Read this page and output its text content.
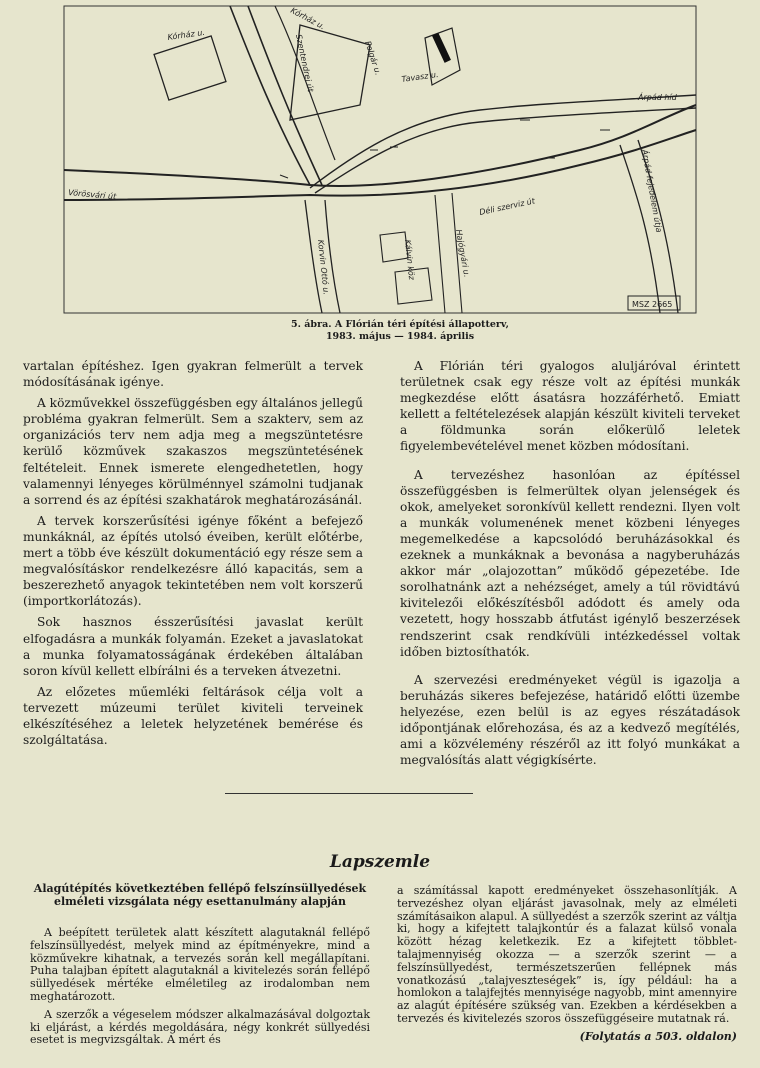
Kórház u.
Kórház u.
Szentendrei út	Polgár u.
Tavasz u.
Árpád híd
Vörösvári út
Déli szerviz út	Árpád fejedelem útja
Korvin Ottó u.	Kálvin köz	Hajógyári u.
MSZ 2665
5. ábra. A Flórián téri építési állapotterv,
1983. május — 1984. április

vartalan építéshez. Igen gyakran felmerült a tervek módosításának igénye.

A közművekkel összefüggésben egy általános jellegű probléma gyakran felmerült. Sem a szakterv, sem az organizációs terv nem adja meg a megszüntetésre kerülő közművek szakaszos megszüntetésének feltételeit. Ennek ismerete elengedhetetlen, hogy valamennyi lényeges körülménnyel számolni tudjanak a sorrend és az építési szakhatárok meghatározásánál.

A tervek korszerűsítési igénye főként a befejező munkáknál, az építés utolsó éveiben, került előtérbe, mert a több éve készült dokumentáció egy része sem a megvalósításkor rendelkezésre álló kapacitás, sem a beszerezhető anyagok tekintetében nem volt korszerű (importkorlátozás).

Sok hasznos ésszerűsítési javaslat került elfogadásra a munkák folyamán. Ezeket a javaslatokat a munka folyamatosságának érdekében általában soron kívül kellett elbírálni és a terveken átvezetni.

Az előzetes műemléki feltárások célja volt a tervezett múzeumi terület kiviteli terveinek elkészítéséhez a leletek helyzetének bemérése és szolgáltatása.

A Flórián téri gyalogos aluljáróval érintett területnek csak egy része volt az építési munkák megkezdése előtt ásatásra hozzáférhető. Emiatt kellett a feltételezések alapján készült kiviteli terveket a földmunka során előkerülő leletek figyelembevételével menet közben módosítani.

A tervezéshez hasonlóan az építéssel összefüggésben is felmerültek olyan jelenségek és okok, amelyeket soronkívül kellett rendezni. Ilyen volt a munkák volumenének menet közbeni lényeges megemelkedése a kapcsolódó beruházásokkal és ezeknek a munkáknak a bevonása a nagyberuházás akkor már „olajozottan” működő gépezetébe. Ide sorolhatnánk azt a nehézséget, amely a túl rövidtávú kivitelezői előkészítésből adódott és amely oda vezetett, hogy hosszabb átfutást igénylő beszerzések rendszerint csak rendkívüli intézkedéssel voltak időben biztosíthatók.

A szervezési eredményeket végül is igazolja a beruházás sikeres befejezése, határidő előtti üzembe helyezése, ezen belül is az egyes részátadások időpontjának előrehozása, és az a kedvező megítélés, ami a közvélemény részéről az itt folyó munkákat a megvalósítás alatt végigkísérte.

Lapszemle
Alagútépítés következtében fellépő felszínsüllyedések elméleti vizsgálata négy esettanulmány alapján

A beépített területek alatt készített alagutaknál fellépő felszínsüllyedést, melyek mind az építményekre, mind a közművekre kihatnak, a tervezés során kell megállapítani. Puha talajban épített alagutaknál a kivitelezés során fellépő süllyedések mértéke elméletileg az irodalomban nem meghatározott.

A szerzők a végeselem módszer alkalmazásával dolgoztak ki eljárást, a kérdés megoldására, négy konkrét süllyedési esetet is megvizsgáltak. A mért és

a számítással kapott eredményeket összehasonlítják. A tervezéshez olyan eljárást javasolnak, mely az elméleti számításaikon alapul. A süllyedést a szerzők szerint az váltja ki, hogy a kifejtett talajkontúr és a falazat külső vonala között hézag keletkezik. Ez a kifejtett többlet-talajmennyiség okozza — a szerzők szerint — a felszínsüllyedést, természetszerűen fellépnek más vonatkozású „talajveszteségek” is, így például: ha a homlokon a talajfejtés mennyisége nagyobb, mint amennyire az alagút építésére szükség van. Ezekben a kérdésekben a tervezés és kivitelezés szoros összefüggéseire mutatnak rá.

(Folytatás a 503. oldalon)
